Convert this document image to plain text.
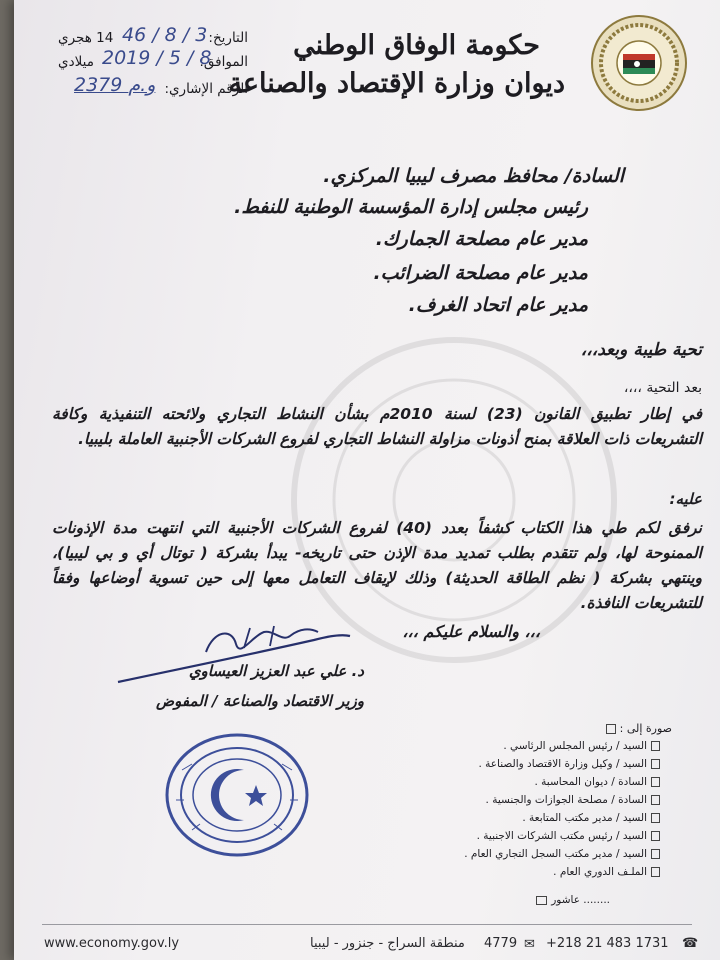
حكومة الوفاق الوطني
ديوان وزارة الإقتصاد والصناعة
التاريخ:
46 / 8 / 3
14 هجري
الموافق:
2019 / 5 / 8
ميلادي
الرقم الإشاري:
2379 و.م
السادة/ محافظ مصرف ليبيا المركزي.
رئيس مجلس إدارة المؤسسة الوطنية للنفط.
مدير عام مصلحة الجمارك.
مدير عام مصلحة الضرائب.
مدير عام اتحاد الغرف.
تحية طيبة وبعد،،،
بعد التحية ،،،،
في إطار تطبيق القانون (23) لسنة 2010م بشأن النشاط التجاري ولائحته التنفيذية وكافة التشريعات ذات العلاقة بمنح أذونات مزاولة النشاط التجاري لفروع الشركات الأجنبية العاملة بليبيا.
عليه:
نرفق لكم طي هذا الكتاب كشفاً بعدد (40) لفروع الشركات الأجنبية التي انتهت مدة الإذونات الممنوحة لها، ولم تتقدم بطلب تمديد مدة الإذن حتى تاريخه- يبدأ بشركة ( توتال أي و بي ليبيا)، وينتهي بشركة ( نظم الطاقة الحديثة) وذلك لإيقاف التعامل معها إلى حين تسوية أوضاعها وفقاً للتشريعات النافذة.
،،، والسلام عليكم ،،،
د. علي عبد العزيز العيساوي
وزير الاقتصاد والصناعة / المفوض
صورة إلى :
السيد / رئيس المجلس الرئاسي .
السيد / وكيل وزارة الاقتصاد والصناعة .
السادة / ديوان المحاسبة .
السادة / مصلحة الجوازات والجنسية .
السيد / مدير مكتب المتابعة .
السيد / رئيس مكتب الشركات الاجنبية .
السيد / مدير مكتب السجل التجاري العام .
الملـف الدوري العام .
........ عاشور
www.economy.gov.ly	منطقة السراج - جنزور - ليبيا 4779 ✉ +218 21 483 1731 ☎
